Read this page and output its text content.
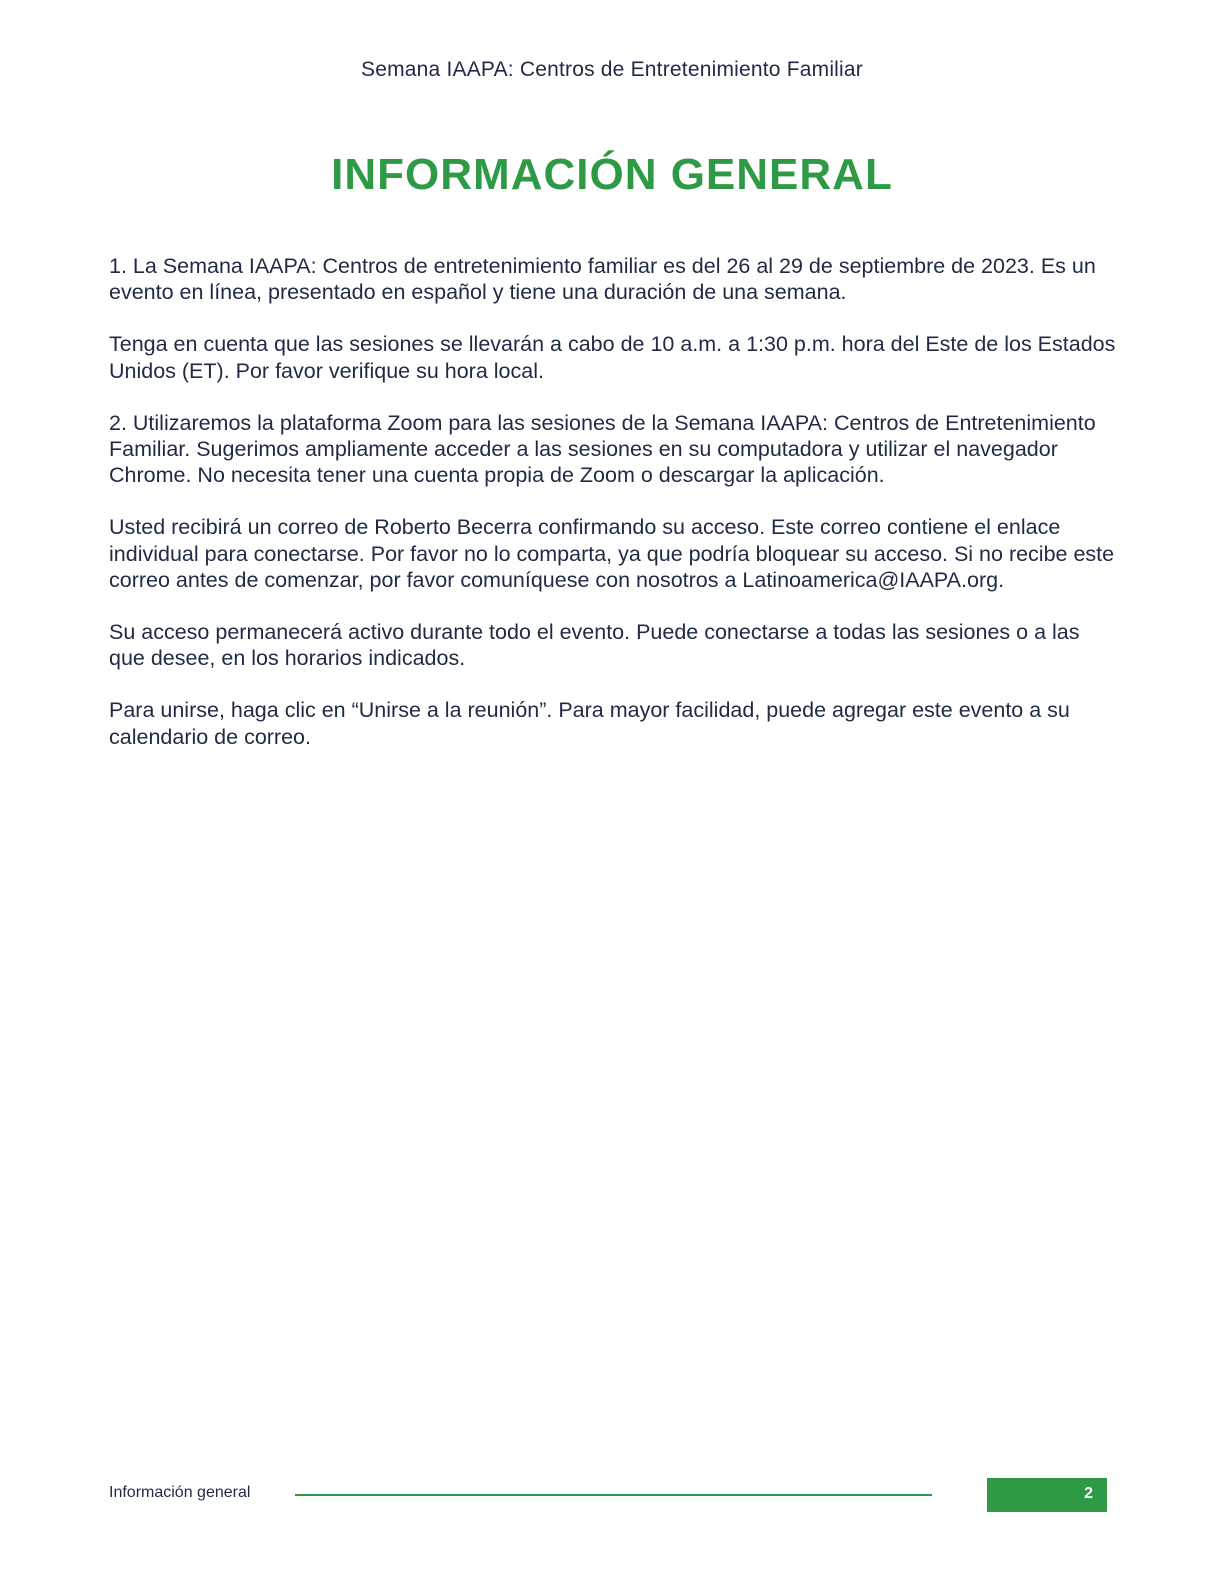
Semana IAAPA: Centros de Entretenimiento Familiar
INFORMACIÓN GENERAL

1. La Semana IAAPA: Centros de entretenimiento familiar es del 26 al 29 de septiembre de 2023. Es un evento en línea, presentado en español y tiene una duración de una semana.

Tenga en cuenta que las sesiones se llevarán a cabo de 10 a.m. a 1:30 p.m. hora del Este de los Estados Unidos (ET). Por favor verifique su hora local.

2. Utilizaremos la plataforma Zoom para las sesiones de la Semana IAAPA: Centros de Entretenimiento Familiar. Sugerimos ampliamente acceder a las sesiones en su computadora y utilizar el navegador Chrome. No necesita tener una cuenta propia de Zoom o descargar la aplicación.

Usted recibirá un correo de Roberto Becerra confirmando su acceso. Este correo contiene el enlace individual para conectarse. Por favor no lo comparta, ya que podría bloquear su acceso. Si no recibe este correo antes de comenzar, por favor comuníquese con nosotros a Latinoamerica@IAAPA.org.

Su acceso permanecerá activo durante todo el evento. Puede conectarse a todas las sesiones o a las que desee, en los horarios indicados.

Para unirse, haga clic en “Unirse a la reunión”. Para mayor facilidad, puede agregar este evento a su calendario de correo.

Información general	2
